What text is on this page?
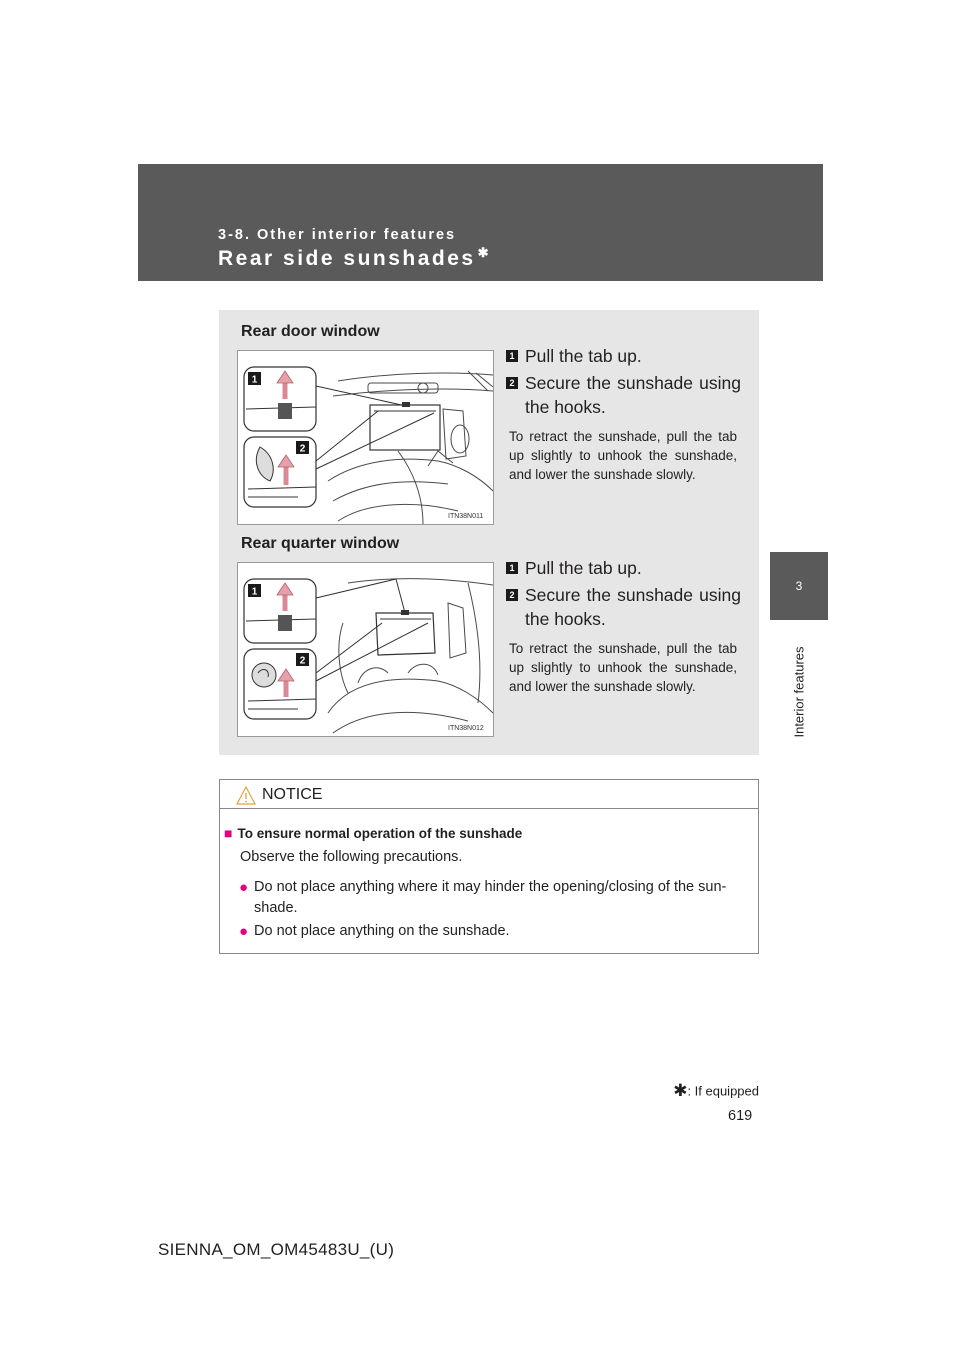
3-8. Other interior features
Rear side sunshades ✱
3
Interior features
Rear door window
1
2
ITN38N011
1 Pull the tab up.
2 Secure the sunshade using the hooks.
To retract the sunshade, pull the tab up slightly to unhook the sunshade, and lower the sunshade slowly.
Rear quarter window
1
2
ITN38N012
1 Pull the tab up.
2 Secure the sunshade using the hooks.
To retract the sunshade, pull the tab up slightly to unhook the sunshade, and lower the sunshade slowly.
NOTICE
■ To ensure normal operation of the sunshade
Observe the following precautions.
● Do not place anything where it may hinder the opening/closing of the sun-shade.
● Do not place anything on the sunshade.
✱: If equipped
619
SIENNA_OM_OM45483U_(U)
